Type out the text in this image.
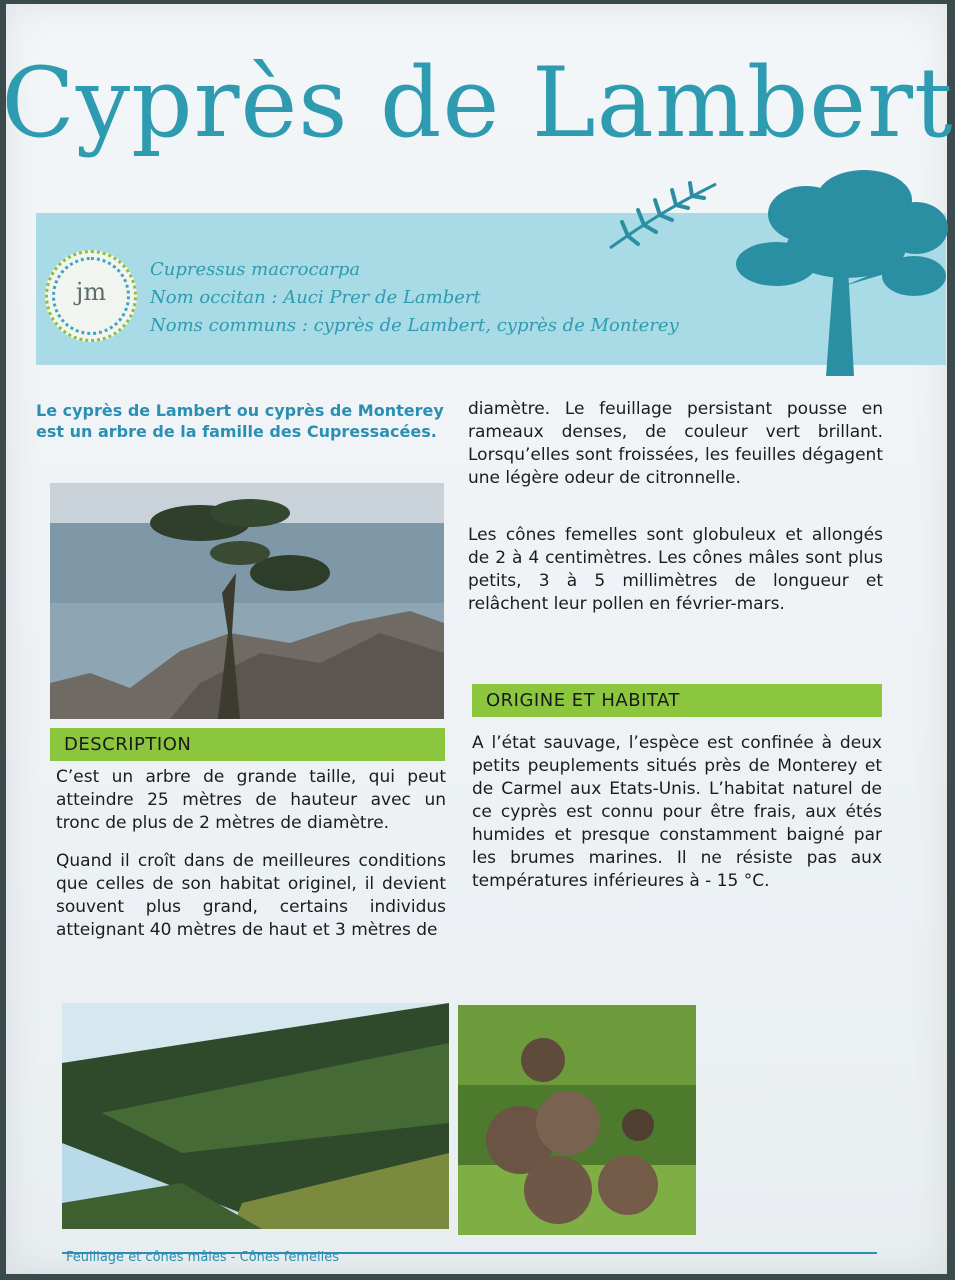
Cyprès de Lambert
jm
Cupressus macrocarpa
Nom occitan : Auci Prer de Lambert
Noms communs : cyprès de Lambert, cyprès de Monterey
Le cyprès de Lambert ou cyprès de Monterey est un arbre de la famille des Cupressacées.
DESCRIPTION
C’est un arbre de grande taille, qui peut atteindre 25 mètres de hauteur avec un tronc de plus de 2 mètres de diamètre.
Quand il croît dans de meilleures conditions que celles de son habitat originel, il devient souvent plus grand, certains individus atteignant 40 mètres de haut et 3 mètres de
diamètre. Le feuillage persistant pousse en rameaux denses, de couleur vert brillant. Lorsqu’elles sont froissées, les feuilles dégagent une légère odeur de citronnelle.
Les cônes femelles sont globuleux et allongés de 2 à 4 centimètres. Les cônes mâles sont plus petits, 3 à 5 millimètres de longueur et relâchent leur pollen en février-mars.
ORIGINE ET HABITAT
A l’état sauvage, l’espèce est confinée à deux petits peuplements situés près de Monterey et de Carmel aux Etats-Unis. L’habitat naturel de ce cyprès est connu pour être frais, aux étés humides et presque constamment baigné par les brumes marines. Il ne résiste pas aux températures inférieures à - 15 °C.
Feuillage et cônes mâles - Cônes femelles
